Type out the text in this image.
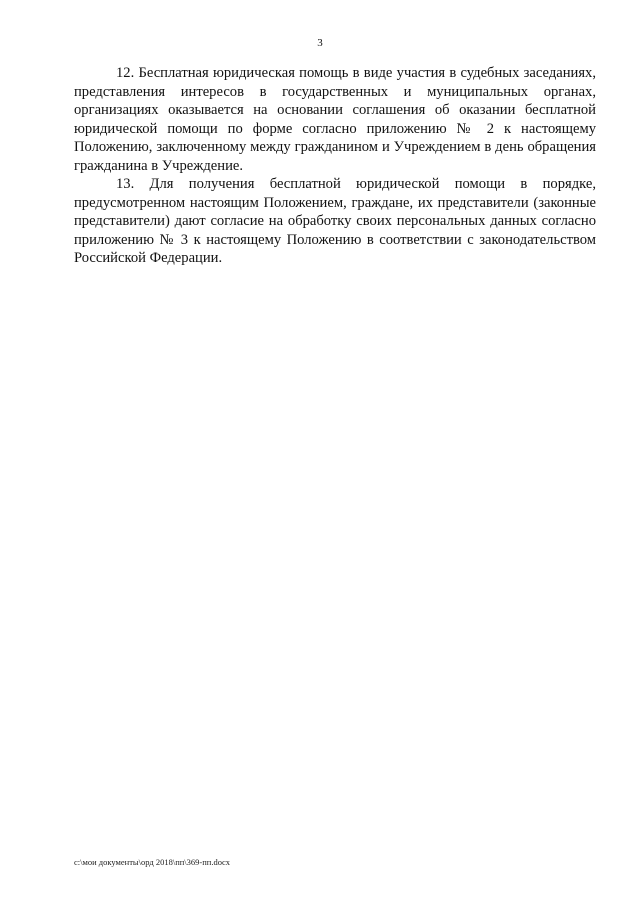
3

12. Бесплатная юридическая помощь в виде участия в судебных заседаниях, представления интересов в государственных и муниципальных органах, организациях оказывается на основании соглашения об оказании бесплатной юридической помощи по форме согласно приложению № 2 к настоящему Положению, заключенному между гражданином и Учреждением в день обращения гражданина в Учреждение.

13. Для получения бесплатной юридической помощи в порядке, предусмотренном настоящим Положением, граждане, их представители (законные представители) дают согласие на обработку своих персональных данных согласно приложению № 3 к настоящему Положению в соответствии с законодательством Российской Федерации.

c:\мои документы\орд 2018\пп\369-пп.docx
